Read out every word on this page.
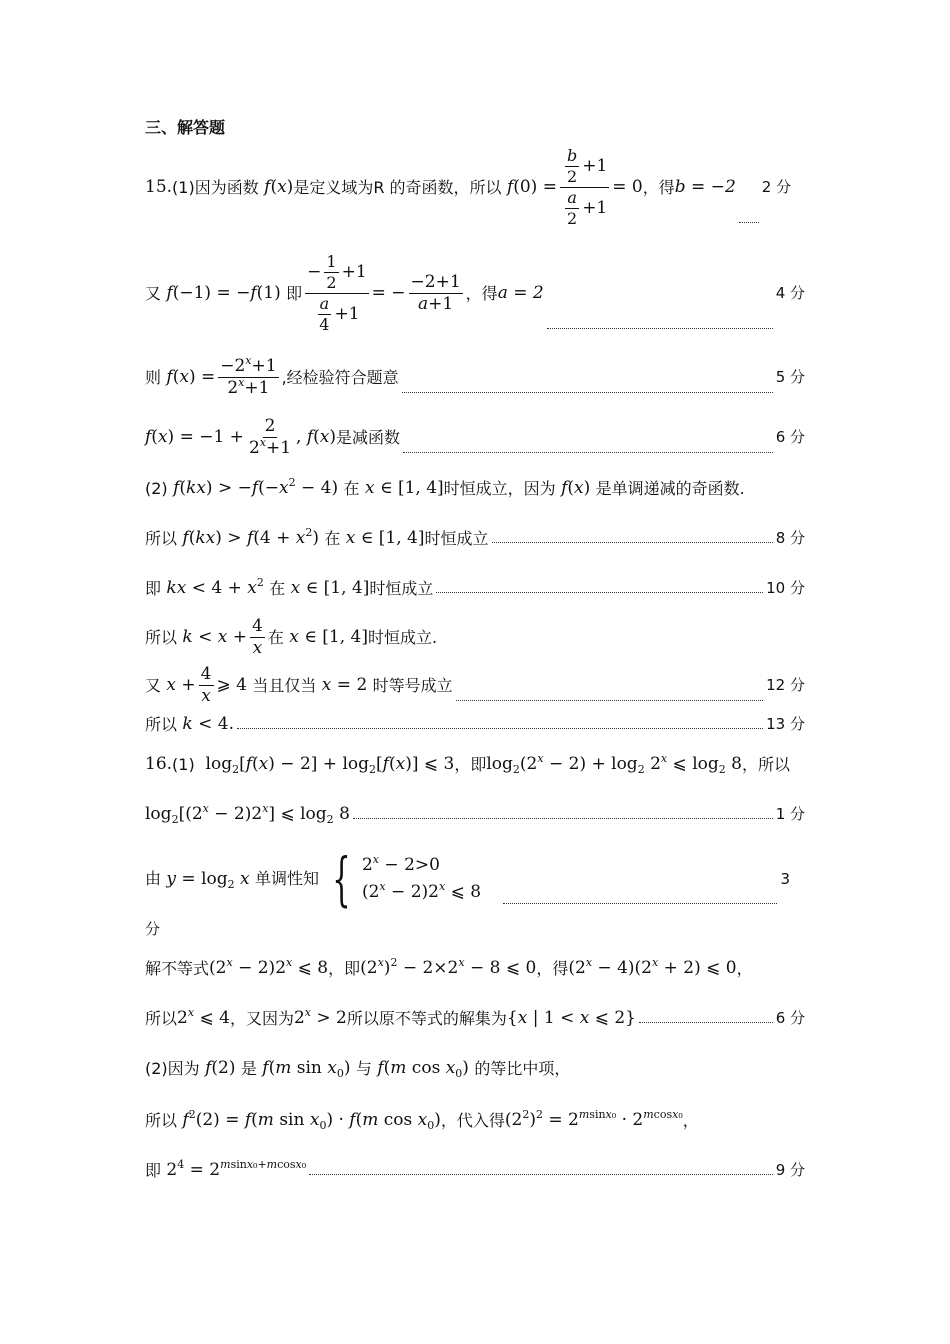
三、解答题
15. (1) 因为函数 f(x) 是定义域为R 的奇函数，所以 $f(0) = \frac{\frac{b}{2} +1}{\frac{a}{2} +1} = 0$ ，得 b = −2 2 分
又 f(−1) = −f(1) 即 $\frac{- \frac{1}{2} +1}{\frac{a}{4} +1}$ = − $\frac{-2+1}{a+1}$ ，得 a = 2	4 分
则 $f(x) = \frac{-2^x+1}{2^x+1}$ ,经检验符合题意	5 分
$f(x) = -1 + \frac{2}{2^x+1}$ , f(x) 是减函数	6 分
(2) $f(kx) > -f(-x^2 - 4)$ 在 x ∈ [1, 4] 时恒成立，因为 f(x) 是单调递减的奇函数.
所以 $f(kx) > f(4 + x^2)$ 在 x ∈ [1, 4] 时恒成立	8 分
即 kx < $4 + x^2$ 在 x ∈ [1, 4] 时恒成立	10 分
所以 $k < x + \frac{4}{x}$ 在 x ∈ [1, 4] 时恒成立.
又 $x + \frac{4}{x}$ ⩾ 4 当且仅当 x = 2 时等号成立	12 分
所以 k < 4 .	13 分
16. (1) $\log_2[f(x) - 2] + \log_2[f(x)]$ ⩽ 3 ，即 $\log_2(2^x - 2) + \log_2 2^x$ ⩽ $\log_2 8$ ，所以
$\log_2[(2^x - 2)2^x]$ ⩽ $\log_2 8$	1 分
由 $y = \log_2 x$ 单调性知 { $2^x - 2>0$
$(2^x - 2)2^x$ ⩽ 8
3
分
解不等式 $(2^x - 2)2^x$ ⩽ 8 ，即 $(2^x)^2 - 2\times 2^x - 8$ ⩽ 0 ，得 $(2^x - 4)(2^x + 2)$ ⩽ 0 ，
所以 2$^x$ ⩽ 4 ，又因为 $2^x > 2$ 所以原不等式的解集为 {x | 1 < x ⩽ 2}	6 分
(2) 因为 f(2) 是 f(m $\sin x_0$) 与 f(m $\cos x_0$) 的等比中项，
所以 $f^2(2) = f(m$ $\sin x_0) \cdot f(m$ $\cos x_0$) ，代入得 $(2^2)^2 = 2^{msinx_0} \cdot 2^{mcosx_0}$ ，
即 $2^4 = 2^{msinx_0+mcosx_0}$	9 分
